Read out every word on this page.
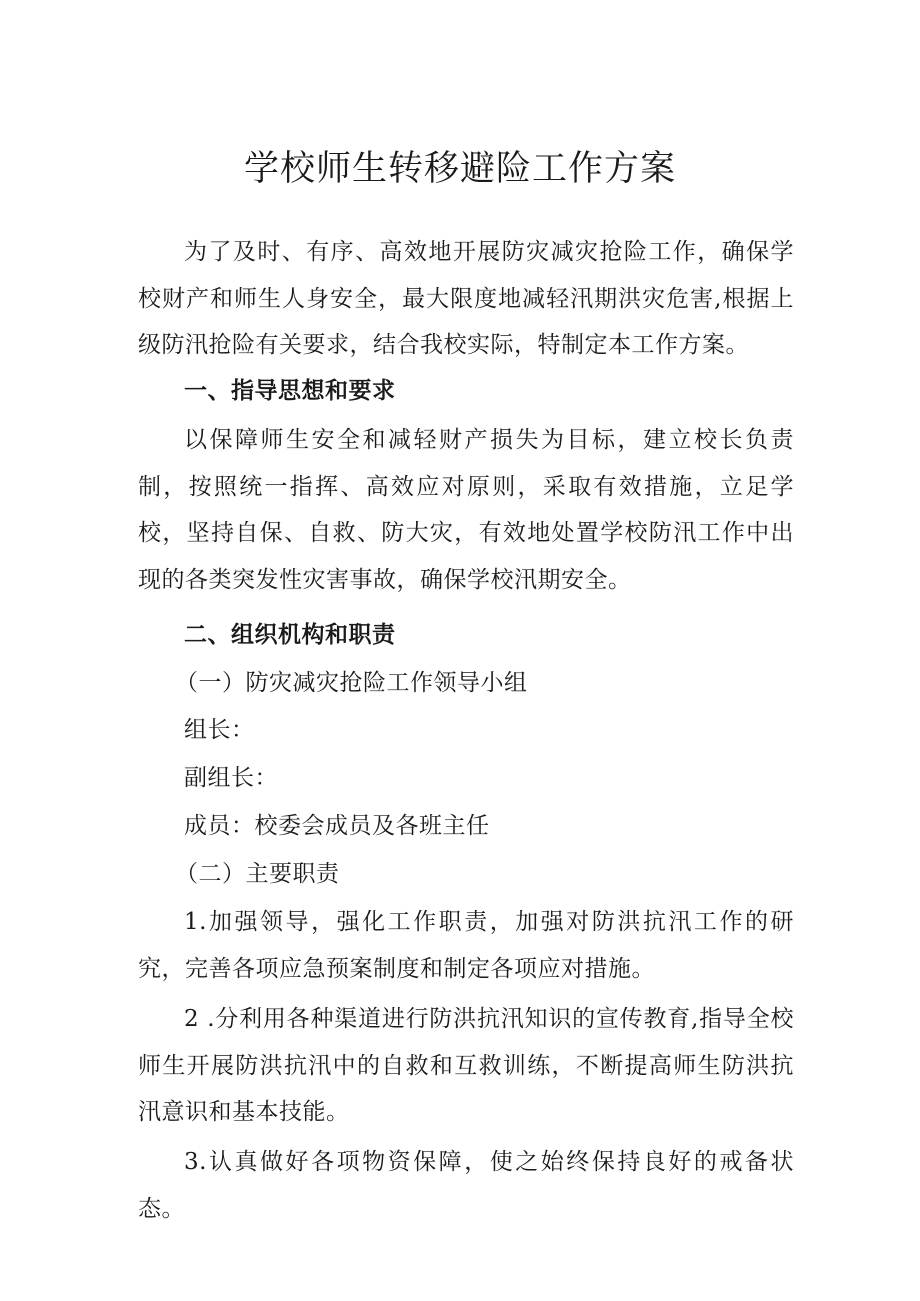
学校师生转移避险工作方案

为了及时、有序、高效地开展防灾减灾抢险工作，确保学校财产和师生人身安全，最大限度地减轻汛期洪灾危害,根据上级防汛抢险有关要求，结合我校实际，特制定本工作方案。

一、指导思想和要求

以保障师生安全和减轻财产损失为目标，建立校长负责制，按照统一指挥、高效应对原则，采取有效措施，立足学校，坚持自保、自救、防大灾，有效地处置学校防汛工作中出现的各类突发性灾害事故，确保学校汛期安全。

二、组织机构和职责
（一）防灾减灾抢险工作领导小组
组长：
副组长：
成员：校委会成员及各班主任
（二）主要职责

1.加强领导，强化工作职责，加强对防洪抗汛工作的研究，完善各项应急预案制度和制定各项应对措施。

2 .分利用各种渠道进行防洪抗汛知识的宣传教育,指导全校师生开展防洪抗汛中的自救和互救训练，不断提高师生防洪抗汛意识和基本技能。

3.认真做好各项物资保障，使之始终保持良好的戒备状态。
